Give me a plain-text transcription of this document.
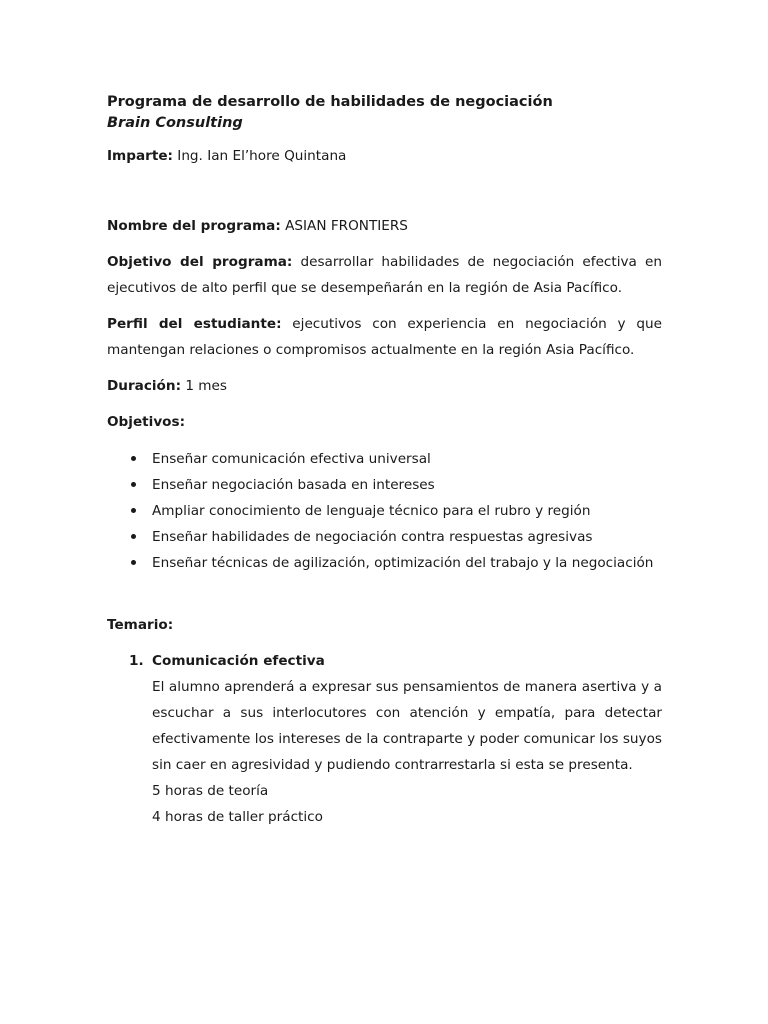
Programa de desarrollo de habilidades de negociación

Brain Consulting

Imparte: Ing. Ian El’hore Quintana

Nombre del programa: ASIAN FRONTIERS

Objetivo del programa: desarrollar habilidades de negociación efectiva en ejecutivos de alto perfil que se desempeñarán en la región de Asia Pacífico.

Perfil del estudiante: ejecutivos con experiencia en negociación y que mantengan relaciones o compromisos actualmente en la región Asia Pacífico.

Duración: 1 mes

Objetivos:

Enseñar comunicación efectiva universal
Enseñar negociación basada en intereses
Ampliar conocimiento de lenguaje técnico para el rubro y región
Enseñar habilidades de negociación contra respuestas agresivas
Enseñar técnicas de agilización, optimización del trabajo y la negociación

Temario:

1. Comunicación efectiva

El alumno aprenderá a expresar sus pensamientos de manera asertiva y a escuchar a sus interlocutores con atención y empatía, para detectar efectivamente los intereses de la contraparte y poder comunicar los suyos sin caer en agresividad y pudiendo contrarrestarla si esta se presenta.

5 horas de teoría

4 horas de taller práctico
